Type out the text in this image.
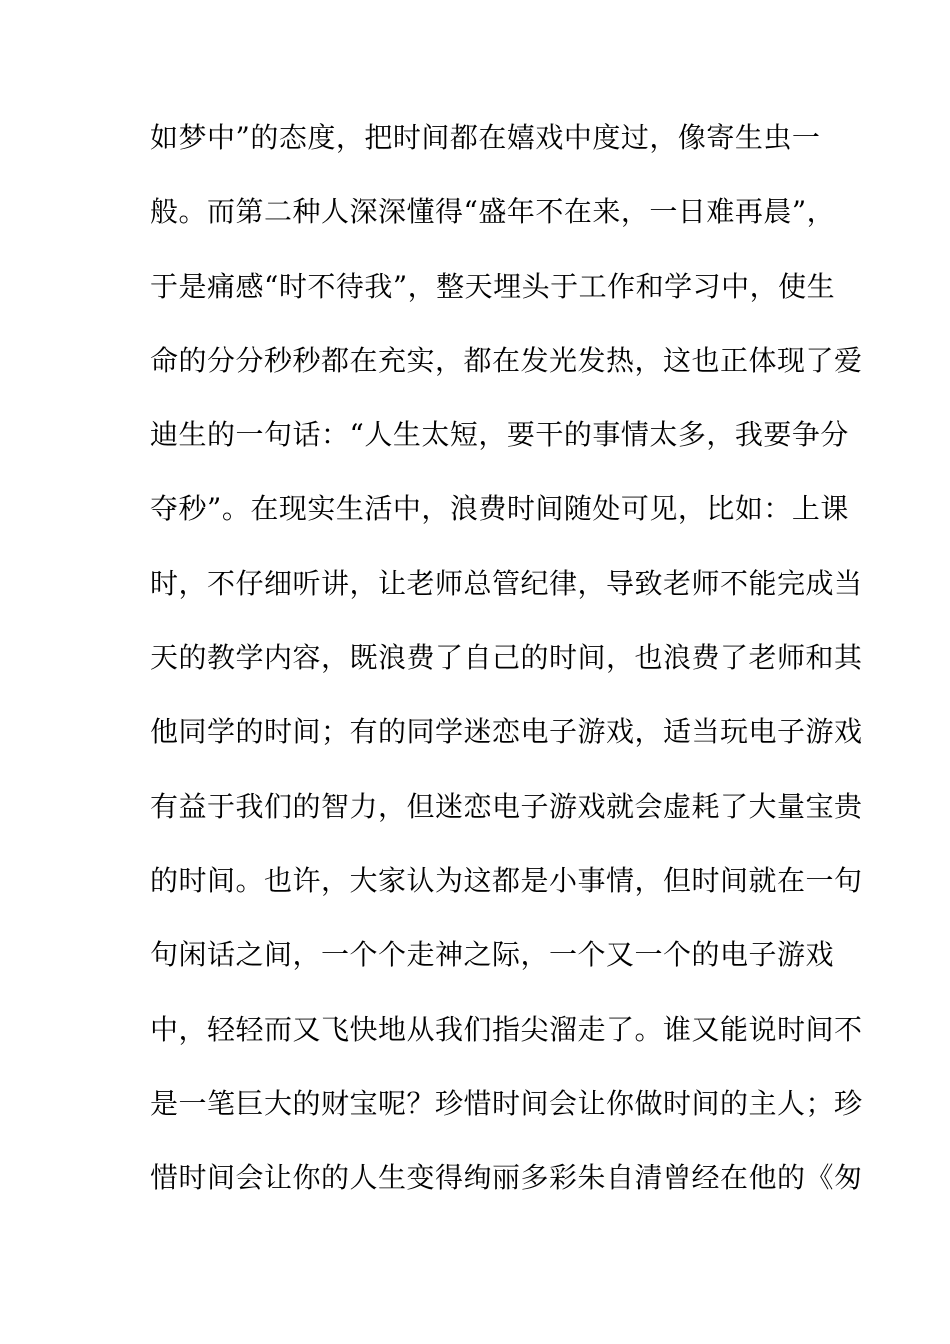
如梦中”的态度，把时间都在嬉戏中度过，像寄生虫一
般。而第二种人深深懂得“盛年不在来，一日难再晨”，
于是痛感“时不待我”，整天埋头于工作和学习中，使生
命的分分秒秒都在充实，都在发光发热，这也正体现了爱
迪生的一句话：“人生太短，要干的事情太多，我要争分
夺秒”。在现实生活中，浪费时间随处可见，比如：上课
时，不仔细听讲，让老师总管纪律，导致老师不能完成当
天的教学内容，既浪费了自己的时间，也浪费了老师和其
他同学的时间；有的同学迷恋电子游戏，适当玩电子游戏
有益于我们的智力，但迷恋电子游戏就会虚耗了大量宝贵
的时间。也许，大家认为这都是小事情，但时间就在一句
句闲话之间，一个个走神之际，一个又一个的电子游戏
中，轻轻而又飞快地从我们指尖溜走了。谁又能说时间不
是一笔巨大的财宝呢？珍惜时间会让你做时间的主人；珍
惜时间会让你的人生变得绚丽多彩朱自清曾经在他的《匆
